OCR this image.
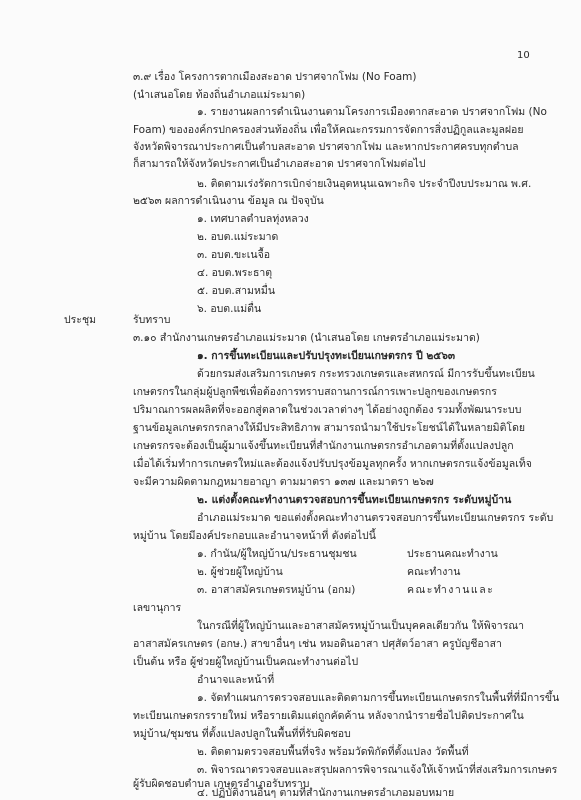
10
ประชุม
๓.๙ เรื่อง โครงการตากเมืองสะอาด ปราศจากโฟม (No Foam)
(นำเสนอโดย ท้องถิ่นอำเภอแม่ระมาด)
๑. รายงานผลการดำเนินงานตามโครงการเมืองตากสะอาด ปราศจากโฟม (No
Foam) ขององค์กรปกครองส่วนท้องถิ่น เพื่อให้คณะกรรมการจัดการสิ่งปฏิกูลและมูลฝอย
จังหวัดพิจารณาประกาศเป็นตำบลสะอาด ปราศจากโฟม และหากประกาศครบทุกตำบล
ก็สามารถให้จังหวัดประกาศเป็นอำเภอสะอาด ปราศจากโฟมต่อไป
๒. ติดตามเร่งรัดการเบิกจ่ายเงินอุดหนุนเฉพาะกิจ ประจำปีงบประมาณ พ.ศ.
๒๕๖๓ ผลการดำเนินงาน ข้อมูล ณ ปัจจุบัน
๑. เทศบาลตำบลทุ่งหลวง
๒. อบต.แม่ระมาด
๓. อบต.ขะเนจื้อ
๔. อบต.พระธาตุ
๕. อบต.สามหมื่น
๖. อบต.แม่ตื่น
รับทราบ
๓.๑๐ สำนักงานเกษตรอำเภอแม่ระมาด (นำเสนอโดย เกษตรอำเภอแม่ระมาด)
๑. การขึ้นทะเบียนและปรับปรุงทะเบียนเกษตรกร ปี ๒๕๖๓
ด้วยกรมส่งเสริมการเกษตร กระทรวงเกษตรและสหกรณ์ มีการรับขึ้นทะเบียน
เกษตรกรในกลุ่มผู้ปลูกพืชเพื่อต้องการทราบสถานการณ์การเพาะปลูกของเกษตรกร
ปริมาณการผลผลิตที่จะออกสู่ตลาดในช่วงเวลาต่างๆ ได้อย่างถูกต้อง รวมทั้งพัฒนาระบบ
ฐานข้อมูลเกษตรกรกลางให้มีประสิทธิภาพ สามารถนำมาใช้ประโยชน์ได้ในหลายมิติโดย
เกษตรกรจะต้องเป็นผู้มาแจ้งขึ้นทะเบียนที่สำนักงานเกษตรกรอำเภอตามที่ตั้งแปลงปลูก
เมื่อได้เริ่มทำการเกษตรใหม่และต้องแจ้งปรับปรุงข้อมูลทุกครั้ง หากเกษตรกรแจ้งข้อมูลเท็จ
จะมีความผิดตามกฎหมายอาญา ตามมาตรา ๑๓๗ และมาตรา ๒๖๗
๒. แต่งตั้งคณะทำงานตรวจสอบการขึ้นทะเบียนเกษตรกร ระดับหมู่บ้าน
อำเภอแม่ระมาด ขอแต่งตั้งคณะทำงานตรวจสอบการขึ้นทะเบียนเกษตรกร ระดับ
หมู่บ้าน โดยมีองค์ประกอบและอำนาจหน้าที่ ดังต่อไปนี้
๑. กำนัน/ผู้ใหญ่บ้าน/ประธานชุมชน	ประธานคณะทำงาน
๒. ผู้ช่วยผู้ใหญ่บ้าน	คณะทำงาน
๓. อาสาสมัครเกษตรหมู่บ้าน (อกม)	คณะทำงานและ
เลขานุการ
ในกรณีที่ผู้ใหญ่บ้านและอาสาสมัครหมู่บ้านเป็นบุคคลเดียวกัน ให้พิจารณา
อาสาสมัครเกษตร (อกษ.) สาขาอื่นๆ เช่น หมอดินอาสา ปศุสัตว์อาสา ครูบัญชีอาสา
เป็นต้น หรือ ผู้ช่วยผู้ใหญ่บ้านเป็นคณะทำงานต่อไป
อำนาจและหน้าที่
๑. จัดทำแผนการตรวจสอบและติดตามการขึ้นทะเบียนเกษตรกรในพื้นที่ที่มีการขึ้น
ทะเบียนเกษตรกรรายใหม่ หรือรายเดิมแต่ถูกคัดค้าน หลังจากนำรายชื่อไปติดประกาศใน
หมู่บ้าน/ชุมชน ที่ตั้งแปลงปลูกในพื้นที่ที่รับผิดชอบ
๒. ติดตามตรวจสอบพื้นที่จริง พร้อมวัดพิกัดที่ตั้งแปลง วัดพื้นที่
๓. พิจารณาตรวจสอบและสรุปผลการพิจารณาแจ้งให้เจ้าหน้าที่ส่งเสริมการเกษตร
ผู้รับผิดชอบตำบล เกษตรอำเภอรับทราบ
๔. ปฏิบัติงานอื่นๆ ตามที่สำนักงานเกษตรอำเภอมอบหมาย
